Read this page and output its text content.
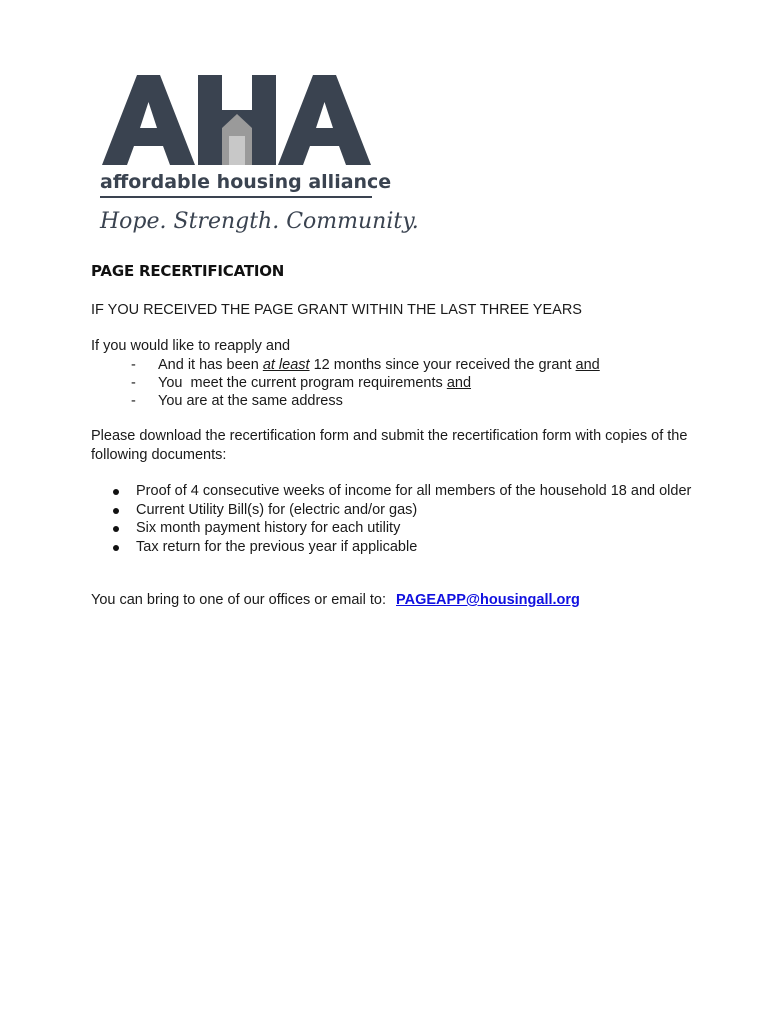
affordable housing alliance
Hope. Strength. Community.
PAGE RECERTIFICATION
IF YOU RECEIVED THE PAGE GRANT WITHIN THE LAST THREE YEARS
If you would like to reapply and
- And it has been at least 12 months since your received the grant and
- You  meet the current program requirements and
- You are at the same address
Please download the recertification form and submit the recertification form with copies of the following documents:
Proof of 4 consecutive weeks of income for all members of the household 18 and older
Current Utility Bill(s) for (electric and/or gas)
Six month payment history for each utility
Tax return for the previous year if applicable
You can bring to one of our offices or email to: PAGEAPP@housingall.org
